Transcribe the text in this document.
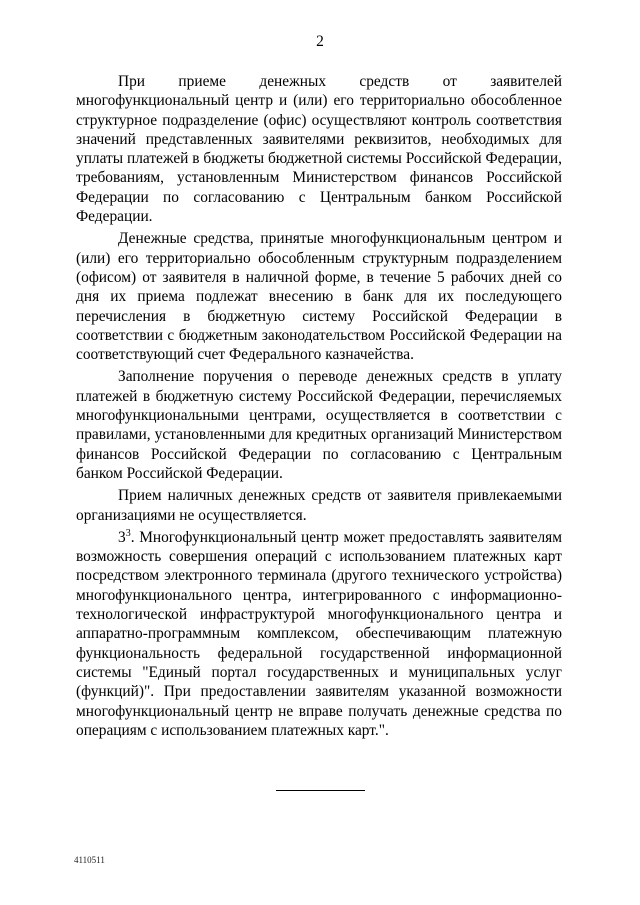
2

При приеме денежных средств от заявителей многофункциональный центр и (или) его территориально обособленное структурное подразделение (офис) осуществляют контроль соответствия значений представленных заявителями реквизитов, необходимых для уплаты платежей в бюджеты бюджетной системы Российской Федерации, требованиям, установленным Министерством финансов Российской Федерации по согласованию с Центральным банком Российской Федерации.

Денежные средства, принятые многофункциональным центром и (или) его территориально обособленным структурным подразделением (офисом) от заявителя в наличной форме, в течение 5 рабочих дней со дня их приема подлежат внесению в банк для их последующего перечисления в бюджетную систему Российской Федерации в соответствии с бюджетным законодательством Российской Федерации на соответствующий счет Федерального казначейства.

Заполнение поручения о переводе денежных средств в уплату платежей в бюджетную систему Российской Федерации, перечисляемых многофункциональными центрами, осуществляется в соответствии с правилами, установленными для кредитных организаций Министерством финансов Российской Федерации по согласованию с Центральным банком Российской Федерации.

Прием наличных денежных средств от заявителя привлекаемыми организациями не осуществляется.

$3^3$. Многофункциональный центр может предоставлять заявителям возможность совершения операций с использованием платежных карт посредством электронного терминала (другого технического устройства) многофункционального центра, интегрированного с информационно-технологической инфраструктурой многофункционального центра и аппаратно-программным комплексом, обеспечивающим платежную функциональность федеральной государственной информационной системы "Единый портал государственных и муниципальных услуг (функций)". При предоставлении заявителям указанной возможности многофункциональный центр не вправе получать денежные средства по операциям с использованием платежных карт.".

4110511
